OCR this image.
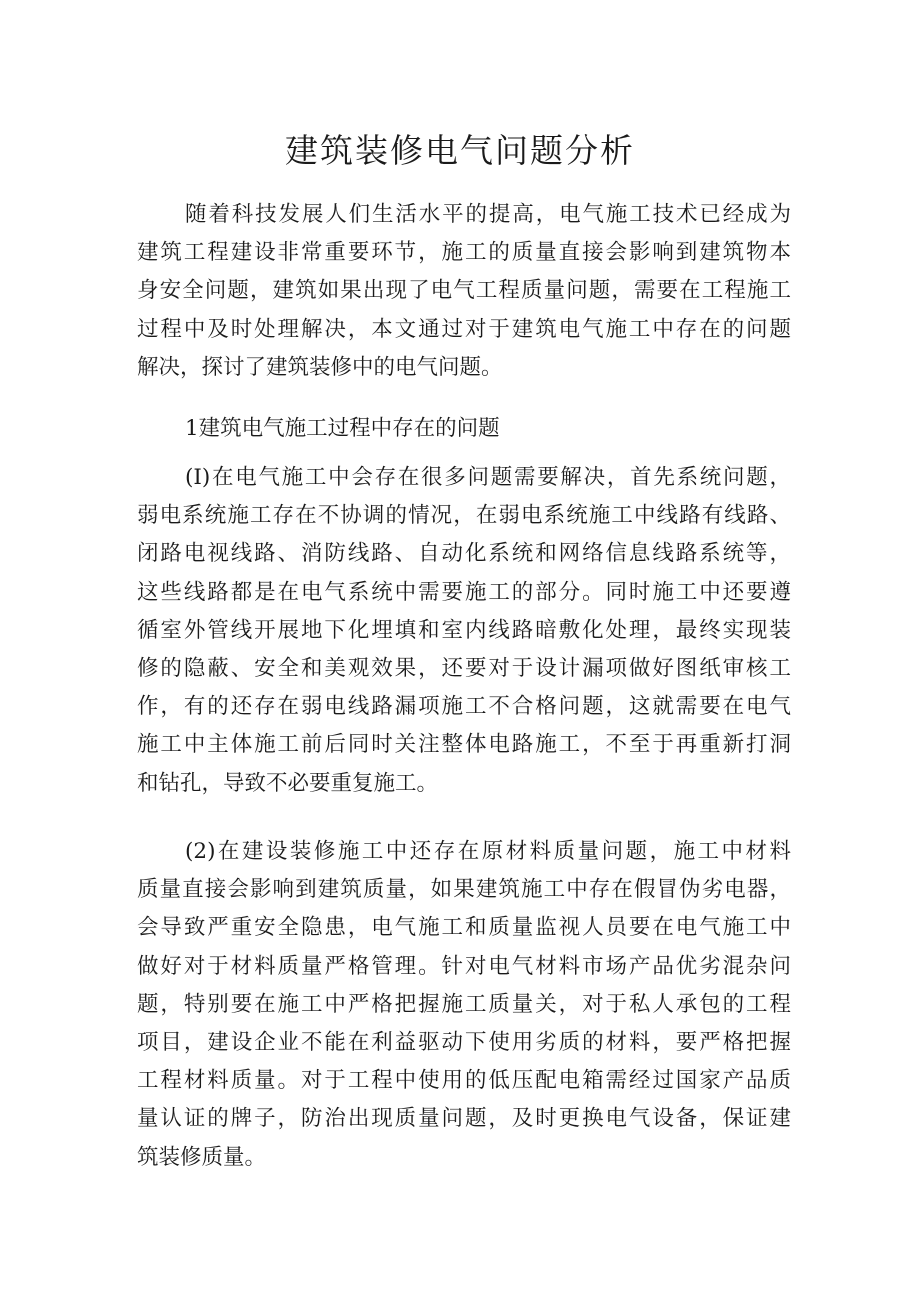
建筑装修电气问题分析
随着科技发展人们生活水平的提高，电气施工技术已经成为
建筑工程建设非常重要环节，施工的质量直接会影响到建筑物本
身安全问题，建筑如果出现了电气工程质量问题，需要在工程施工
过程中及时处理解决，本文通过对于建筑电气施工中存在的问题
解决，探讨了建筑装修中的电气问题。
1建筑电气施工过程中存在的问题
(I)在电气施工中会存在很多问题需要解决，首先系统问题，
弱电系统施工存在不协调的情况，在弱电系统施工中线路有线路、
闭路电视线路、消防线路、自动化系统和网络信息线路系统等，
这些线路都是在电气系统中需要施工的部分。同时施工中还要遵
循室外管线开展地下化埋填和室内线路暗敷化处理，最终实现装
修的隐蔽、安全和美观效果，还要对于设计漏项做好图纸审核工
作，有的还存在弱电线路漏项施工不合格问题，这就需要在电气
施工中主体施工前后同时关注整体电路施工，不至于再重新打洞
和钻孔，导致不必要重复施工。
(2)在建设装修施工中还存在原材料质量问题，施工中材料
质量直接会影响到建筑质量，如果建筑施工中存在假冒伪劣电器，
会导致严重安全隐患，电气施工和质量监视人员要在电气施工中
做好对于材料质量严格管理。针对电气材料市场产品优劣混杂问
题，特别要在施工中严格把握施工质量关，对于私人承包的工程
项目，建设企业不能在利益驱动下使用劣质的材料，要严格把握
工程材料质量。对于工程中使用的低压配电箱需经过国家产品质
量认证的牌子，防治出现质量问题，及时更换电气设备，保证建
筑装修质量。
